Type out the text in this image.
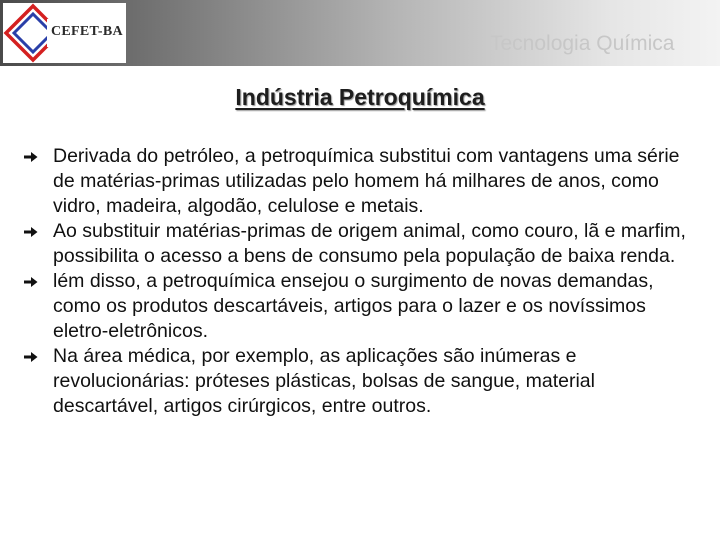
CEFET-BA
Tecnologia Química
Indústria Petroquímica
Derivada do petróleo, a petroquímica substitui com vantagens uma série de matérias-primas utilizadas pelo homem há milhares de anos, como vidro, madeira, algodão, celulose e metais.
Ao substituir matérias-primas de origem animal, como couro, lã e marfim, possibilita o acesso a bens de consumo pela população de baixa renda.
lém disso, a petroquímica ensejou o surgimento de novas demandas, como os produtos descartáveis, artigos para o lazer e os novíssimos eletro-eletrônicos.
Na área médica, por exemplo, as aplicações são inúmeras e revolucionárias: próteses plásticas, bolsas de sangue, material descartável, artigos cirúrgicos, entre outros.
